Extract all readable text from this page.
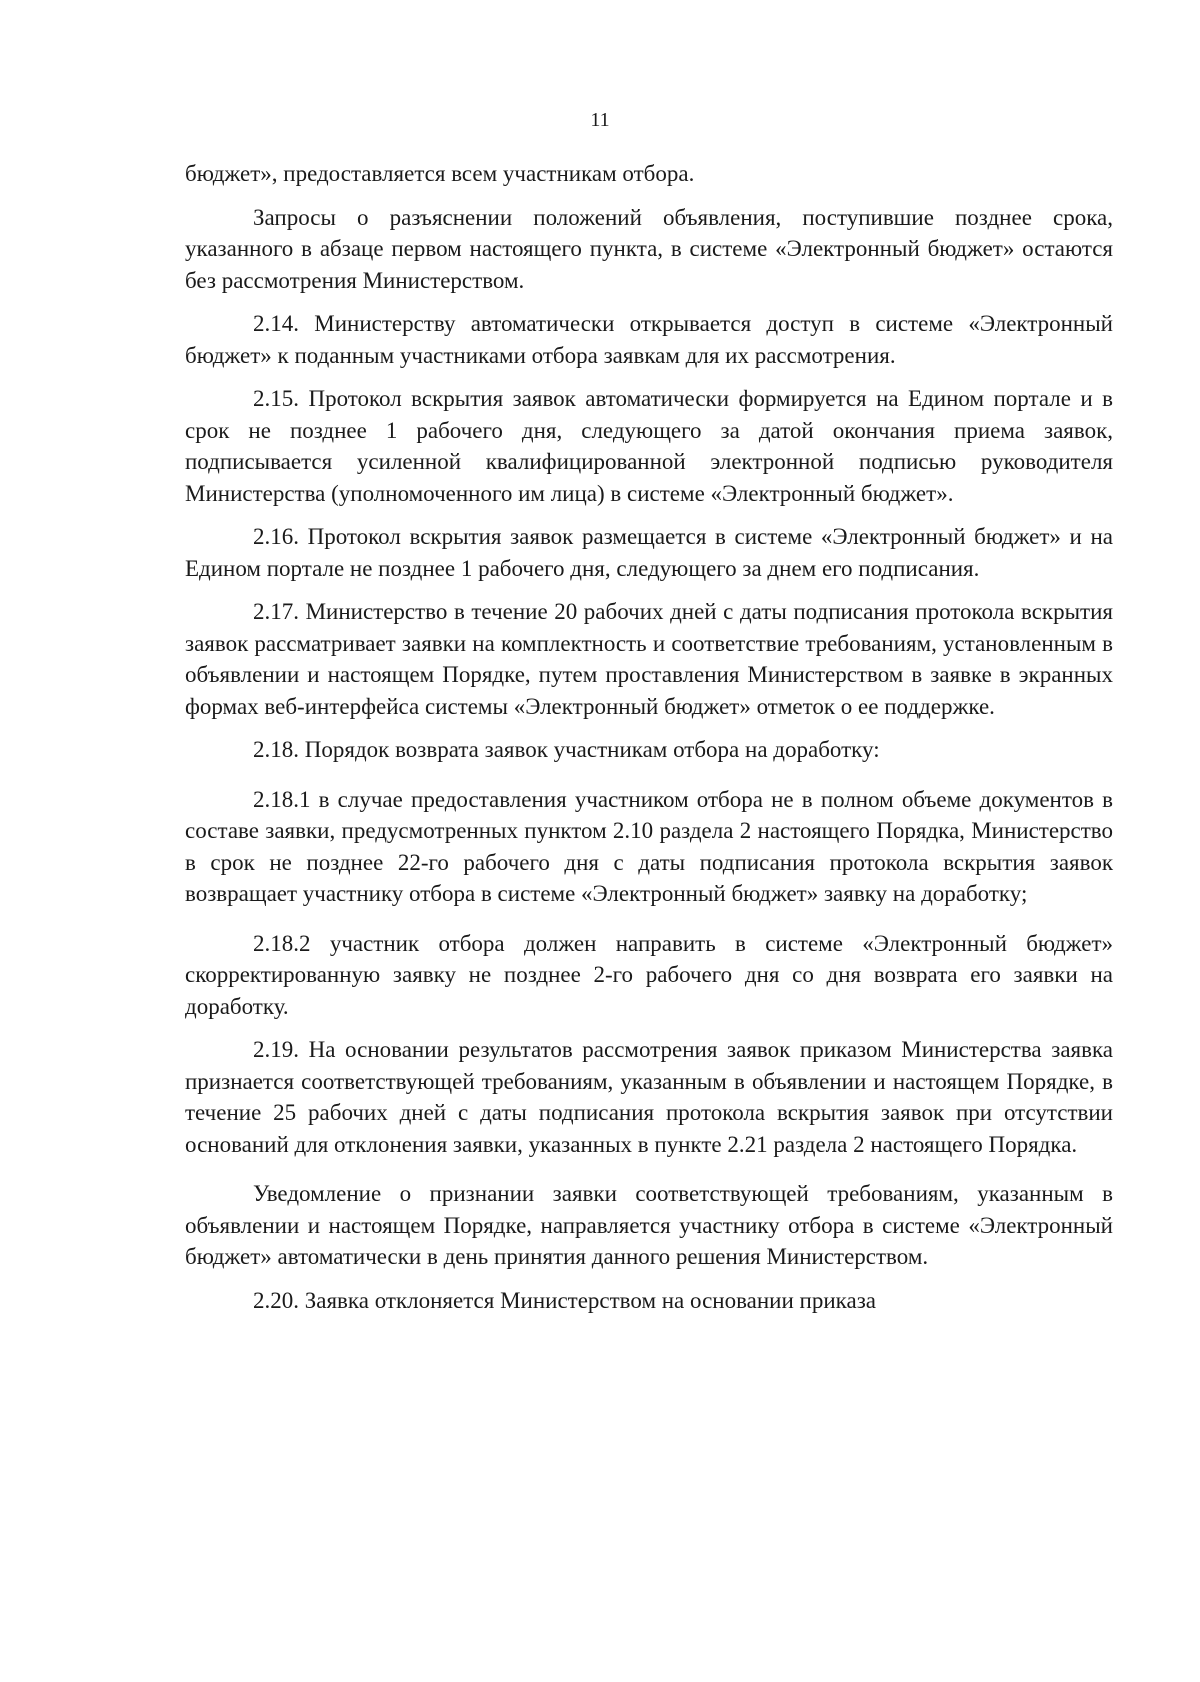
11

бюджет», предоставляется всем участникам отбора.

Запросы о разъяснении положений объявления, поступившие позднее срока, указанного в абзаце первом настоящего пункта, в системе «Электронный бюджет» остаются без рассмотрения Министерством.

2.14. Министерству автоматически открывается доступ в системе «Электронный бюджет» к поданным участниками отбора заявкам для их рассмотрения.

2.15. Протокол вскрытия заявок автоматически формируется на Едином портале и в срок не позднее 1 рабочего дня, следующего за датой окончания приема заявок, подписывается усиленной квалифицированной электронной подписью руководителя Министерства (уполномоченного им лица) в системе «Электронный бюджет».

2.16. Протокол вскрытия заявок размещается в системе «Электронный бюджет» и на Едином портале не позднее 1 рабочего дня, следующего за днем его подписания.

2.17. Министерство в течение 20 рабочих дней с даты подписания протокола вскрытия заявок рассматривает заявки на комплектность и соответствие требованиям, установленным в объявлении и настоящем Порядке, путем проставления Министерством в заявке в экранных формах веб-интерфейса системы «Электронный бюджет» отметок о ее поддержке.

2.18. Порядок возврата заявок участникам отбора на доработку:

2.18.1 в случае предоставления участником отбора не в полном объеме документов в составе заявки, предусмотренных пунктом 2.10 раздела 2 настоящего Порядка, Министерство в срок не позднее 22-го рабочего дня с даты подписания протокола вскрытия заявок возвращает участнику отбора в системе «Электронный бюджет» заявку на доработку;

2.18.2 участник отбора должен направить в системе «Электронный бюджет» скорректированную заявку не позднее 2-го рабочего дня со дня возврата его заявки на доработку.

2.19. На основании результатов рассмотрения заявок приказом Министерства заявка признается соответствующей требованиям, указанным в объявлении и настоящем Порядке, в течение 25 рабочих дней с даты подписания протокола вскрытия заявок при отсутствии оснований для отклонения заявки, указанных в пункте 2.21 раздела 2 настоящего Порядка.

Уведомление о признании заявки соответствующей требованиям, указанным в объявлении и настоящем Порядке, направляется участнику отбора в системе «Электронный бюджет» автоматически в день принятия данного решения Министерством.

2.20. Заявка отклоняется Министерством на основании приказа
